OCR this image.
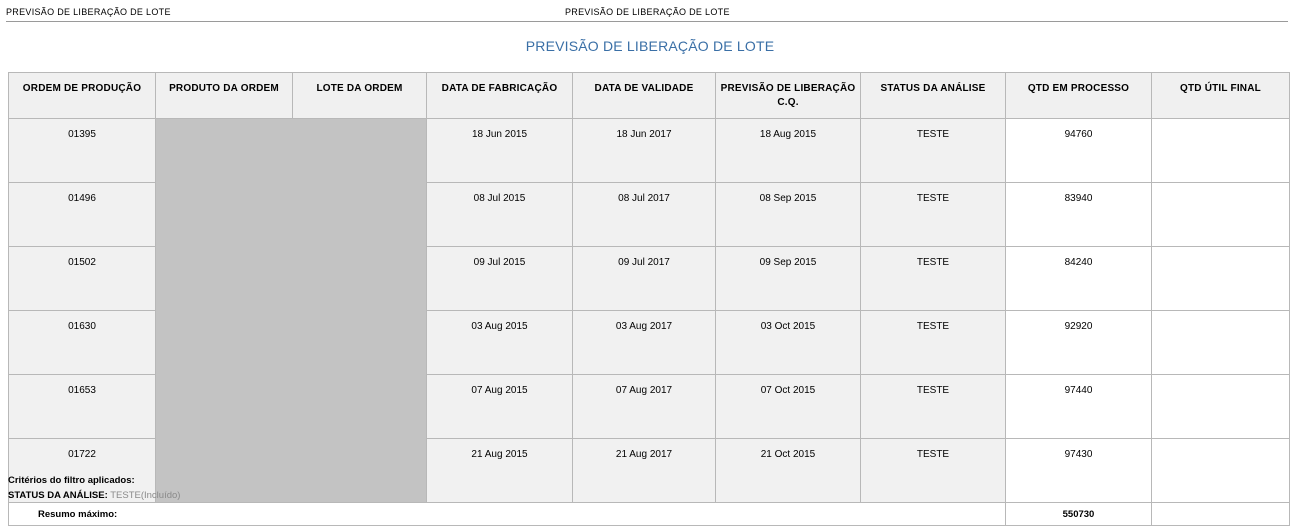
PREVISÃO DE LIBERAÇÃO DE LOTE	PREVISÃO DE LIBERAÇÃO DE LOTE
PREVISÃO DE LIBERAÇÃO DE LOTE
ORDEM DE PRODUÇÃO	PRODUTO DA ORDEM	LOTE DA ORDEM	DATA DE FABRICAÇÃO	DATA DE VALIDADE	PREVISÃO DE LIBERAÇÃO C.Q.	STATUS DA ANÁLISE	QTD EM PROCESSO	QTD ÚTIL FINAL
01395			18 Jun 2015	18 Jun 2017	18 Aug 2015	TESTE	94760	
01496			08 Jul 2015	08 Jul 2017	08 Sep 2015	TESTE	83940	
01502			09 Jul 2015	09 Jul 2017	09 Sep 2015	TESTE	84240	
01630			03 Aug 2015	03 Aug 2017	03 Oct 2015	TESTE	92920	
01653			07 Aug 2015	07 Aug 2017	07 Oct 2015	TESTE	97440	
01722			21 Aug 2015	21 Aug 2017	21 Oct 2015	TESTE	97430	
Resumo máximo:							550730	
Critérios do filtro aplicados:
STATUS DA ANÁLISE: TESTE(Incluído)
